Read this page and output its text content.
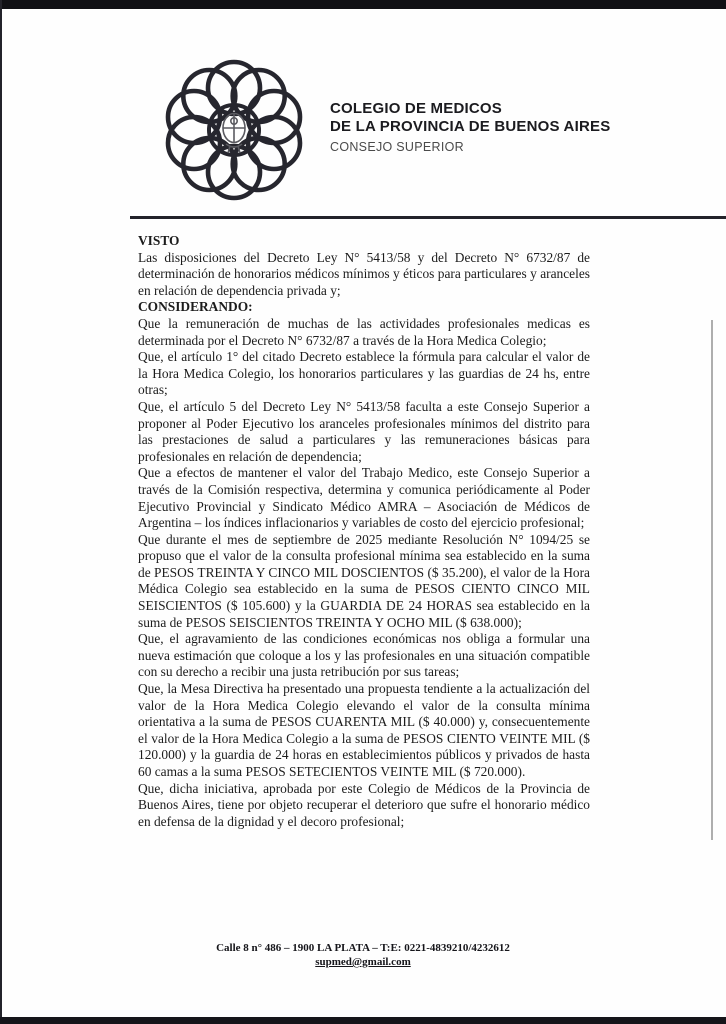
COLEGIO DE MEDICOS
DE LA PROVINCIA DE BUENOS AIRES
CONSEJO SUPERIOR

VISTO

Las disposiciones del Decreto Ley N° 5413/58 y del Decreto N° 6732/87 de determinación de honorarios médicos mínimos y éticos para particulares y aranceles en relación de dependencia privada y;

CONSIDERANDO:

Que la remuneración de muchas de las actividades profesionales medicas es determinada por el Decreto N° 6732/87 a través de la Hora Medica Colegio;

Que, el artículo 1° del citado Decreto establece la fórmula para calcular el valor de la Hora Medica Colegio, los honorarios particulares y las guardias de 24 hs, entre otras;

Que, el artículo 5 del Decreto Ley N° 5413/58 faculta a este Consejo Superior a proponer al Poder Ejecutivo los aranceles profesionales mínimos del distrito para las prestaciones de salud a particulares y las remuneraciones básicas para profesionales en relación de dependencia;

Que a efectos de mantener el valor del Trabajo Medico, este Consejo Superior a través de la Comisión respectiva, determina y comunica periódicamente al Poder Ejecutivo Provincial y Sindicato Médico AMRA – Asociación de Médicos de Argentina – los índices inflacionarios y variables de costo del ejercicio profesional;

Que durante el mes de septiembre de 2025 mediante Resolución N° 1094/25 se propuso que el valor de la consulta profesional mínima sea establecido en la suma de PESOS TREINTA Y CINCO MIL DOSCIENTOS ($ 35.200), el valor de la Hora Médica Colegio sea establecido en la suma de PESOS CIENTO CINCO MIL SEISCIENTOS ($ 105.600) y la GUARDIA DE 24 HORAS sea establecido en la suma de PESOS SEISCIENTOS TREINTA Y OCHO MIL ($ 638.000);

Que, el agravamiento de las condiciones económicas nos obliga a formular una nueva estimación que coloque a los y las profesionales en una situación compatible con su derecho a recibir una justa retribución por sus tareas;

Que, la Mesa Directiva ha presentado una propuesta tendiente a la actualización del valor de la Hora Medica Colegio elevando el valor de la consulta mínima orientativa a la suma de PESOS CUARENTA MIL ($ 40.000) y, consecuentemente el valor de la Hora Medica Colegio a la suma de PESOS CIENTO VEINTE MIL ($ 120.000) y la guardia de 24 horas en establecimientos públicos y privados de hasta 60 camas a la suma PESOS SETECIENTOS VEINTE MIL ($ 720.000).

Que, dicha iniciativa, aprobada por este Colegio de Médicos de la Provincia de Buenos Aires, tiene por objeto recuperar el deterioro que sufre el honorario médico en defensa de la dignidad y el decoro profesional;

Calle 8 n° 486 – 1900 LA PLATA – T:E: 0221-4839210/4232612
supmed@gmail.com
